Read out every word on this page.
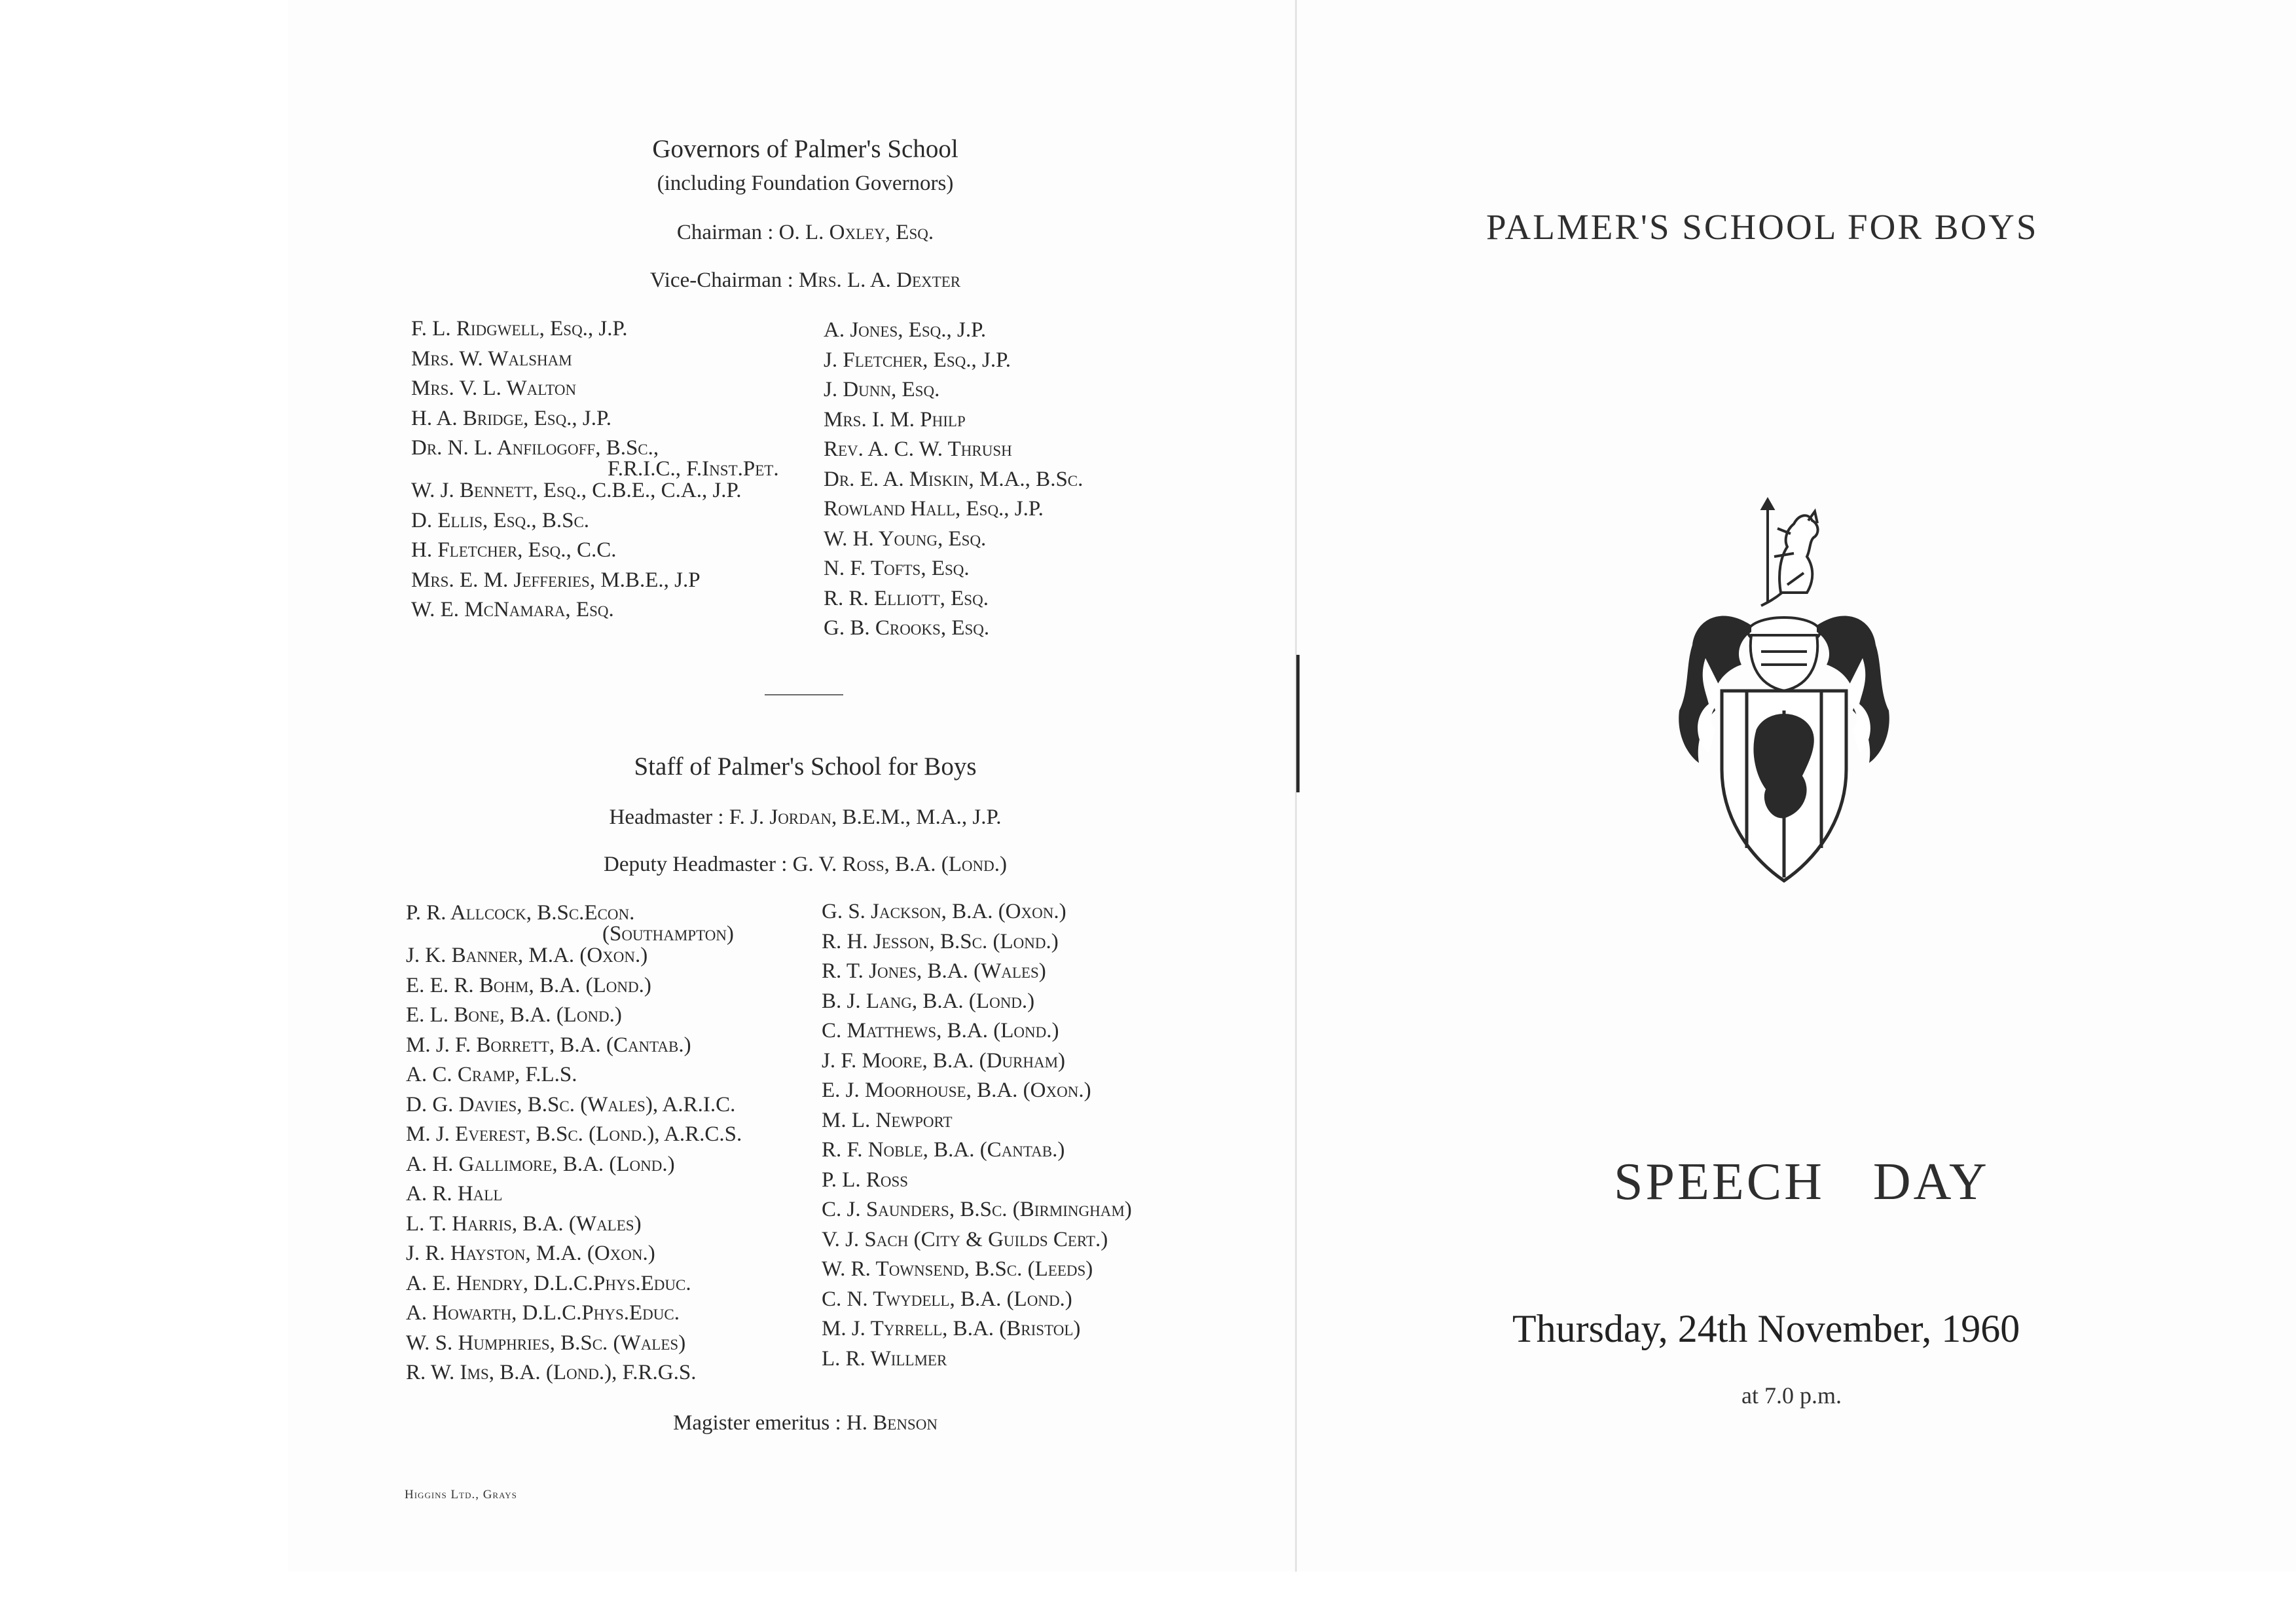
Governors of Palmer's School
(including Foundation Governors)
Chairman : O. L. Oxley, Esq.
Vice-Chairman : Mrs. L. A. Dexter
F. L. Ridgwell, Esq., J.P.
Mrs. W. Walsham
Mrs. V. L. Walton
H. A. Bridge, Esq., J.P.
Dr. N. L. Anfilogoff, B.Sc.,
F.R.I.C., F.Inst.Pet.
W. J. Bennett, Esq., C.B.E., C.A., J.P.
D. Ellis, Esq., B.Sc.
H. Fletcher, Esq., C.C.
Mrs. E. M. Jefferies, M.B.E., J.P
W. E. McNamara, Esq.
A. Jones, Esq., J.P.
J. Fletcher, Esq., J.P.
J. Dunn, Esq.
Mrs. I. M. Philp
Rev. A. C. W. Thrush
Dr. E. A. Miskin, M.A., B.Sc.
Rowland Hall, Esq., J.P.
W. H. Young, Esq.
N. F. Tofts, Esq.
R. R. Elliott, Esq.
G. B. Crooks, Esq.
Staff of Palmer's School for Boys
Headmaster : F. J. Jordan, B.E.M., M.A., J.P.
Deputy Headmaster : G. V. Ross, B.A. (Lond.)
P. R. Allcock, B.Sc.Econ.
(Southampton)
J. K. Banner, M.A. (Oxon.)
E. E. R. Bohm, B.A. (Lond.)
E. L. Bone, B.A. (Lond.)
M. J. F. Borrett, B.A. (Cantab.)
A. C. Cramp, F.L.S.
D. G. Davies, B.Sc. (Wales), A.R.I.C.
M. J. Everest, B.Sc. (Lond.), A.R.C.S.
A. H. Gallimore, B.A. (Lond.)
A. R. Hall
L. T. Harris, B.A. (Wales)
J. R. Hayston, M.A. (Oxon.)
A. E. Hendry, D.L.C.Phys.Educ.
A. Howarth, D.L.C.Phys.Educ.
W. S. Humphries, B.Sc. (Wales)
R. W. Ims, B.A. (Lond.), F.R.G.S.
G. S. Jackson, B.A. (Oxon.)
R. H. Jesson, B.Sc. (Lond.)
R. T. Jones, B.A. (Wales)
B. J. Lang, B.A. (Lond.)
C. Matthews, B.A. (Lond.)
J. F. Moore, B.A. (Durham)
E. J. Moorhouse, B.A. (Oxon.)
M. L. Newport
R. F. Noble, B.A. (Cantab.)
P. L. Ross
C. J. Saunders, B.Sc. (Birmingham)
V. J. Sach (City & Guilds Cert.)
W. R. Townsend, B.Sc. (Leeds)
C. N. Twydell, B.A. (Lond.)
M. J. Tyrrell, B.A. (Bristol)
L. R. Willmer
Magister emeritus : H. Benson
Higgins Ltd., Grays
PALMER'S SCHOOL FOR BOYS
SPEECH DAY
Thursday, 24th November, 1960
at 7.0 p.m.
